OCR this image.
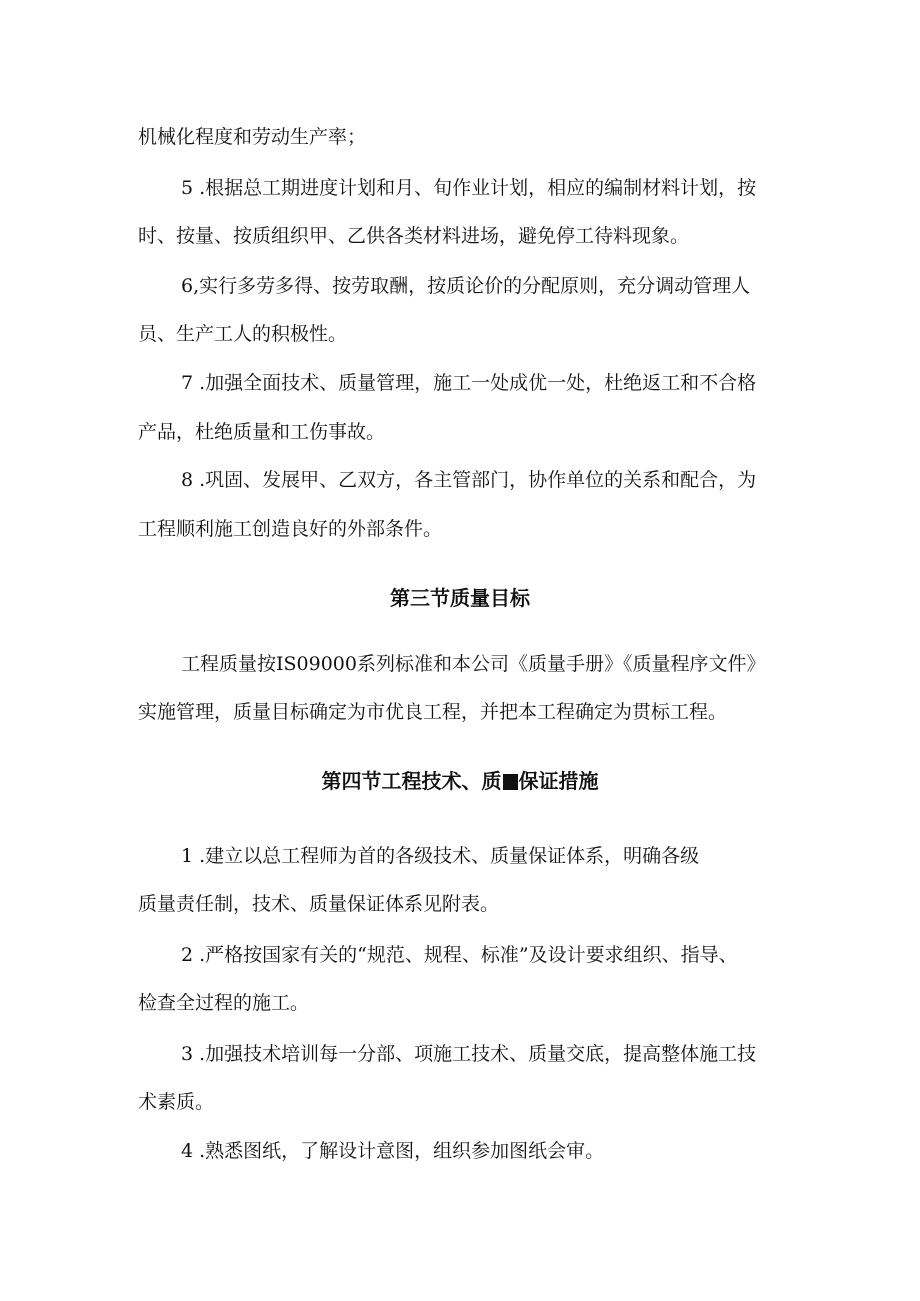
机械化程度和劳动生产率；
5 .根据总工期进度计划和月、旬作业计划，相应的编制材料计划，按
时、按量、按质组织甲、乙供各类材料进场，避免停工待料现象。
6,实行多劳多得、按劳取酬，按质论价的分配原则，充分调动管理人
员、生产工人的积极性。
7 .加强全面技术、质量管理，施工一处成优一处，杜绝返工和不合格
产品，杜绝质量和工伤事故。
8 .巩固、发展甲、乙双方，各主管部门，协作单位的关系和配合，为
工程顺利施工创造良好的外部条件。
第三节质量目标
工程质量按IS09000系列标准和本公司《质量手册》《质量程序文件》
实施管理，质量目标确定为市优良工程，并把本工程确定为贯标工程。
第四节工程技术、质 保证措施
1 .建立以总工程师为首的各级技术、质量保证体系，明确各级
质量责任制，技术、质量保证体系见附表。
2 .严格按国家有关的“规范、规程、标准”及设计要求组织、指导、
检查全过程的施工。
3 .加强技术培训每一分部、项施工技术、质量交底，提高整体施工技
术素质。
4 .熟悉图纸，了解设计意图，组织参加图纸会审。
